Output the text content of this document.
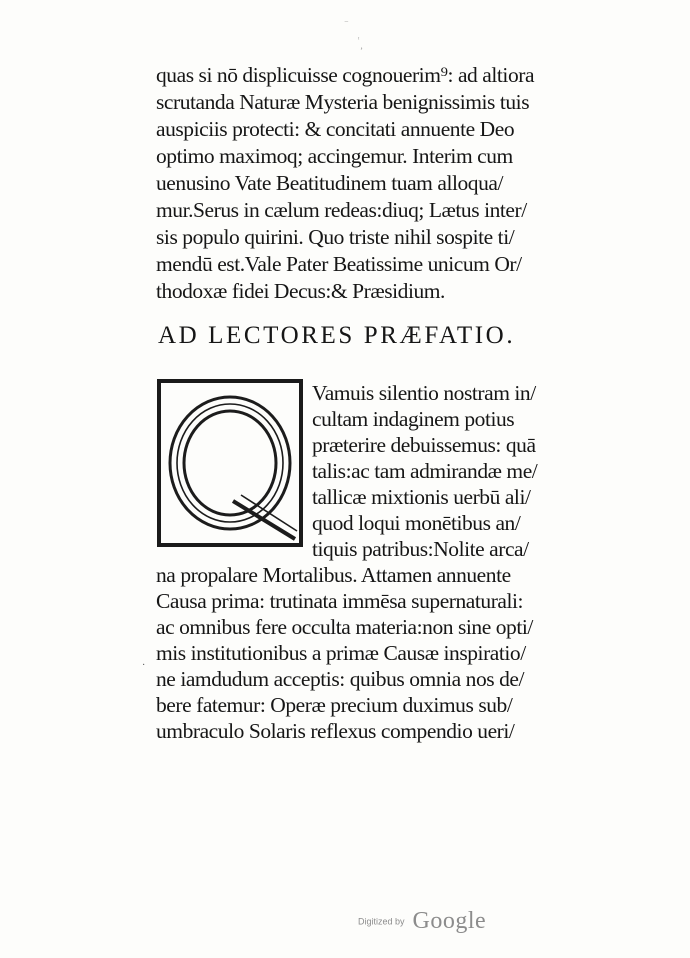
⁻
ᶦ
ʼ
quas si nō displicuisse cognouerim⁹: ad altiora
scrutanda Naturæ Mysteria benignissimis tuis
auspiciis protecti: & concitati annuente Deo
optimo maximoq; accingemur. Interim cum
uenusino Vate Beatitudinem tuam alloqua/
mur.Serus in cælum redeas:diuq; Lætus inter/
sis populo quirini. Quo triste nihil sospite ti/
mendū est.Vale Pater Beatissime unicum Or/
thodoxæ fidei Decus:& Præsidium.
AD LECTORES PRÆFATIO.
Vamuis silentio nostram in/
cultam indaginem potius
præterire debuissemus: quā
talis:ac tam admirandæ me/
tallicæ mixtionis uerbū ali/
quod loqui monētibus an/
tiquis patribus:Nolite arca/
·
na propalare Mortalibus. Attamen annuente
Causa prima: trutinata immēsa supernaturali:
ac omnibus fere occulta materia:non sine opti/
mis institutionibus a primæ Causæ inspiratio/
ne iamdudum acceptis: quibus omnia nos de/
bere fatemur: Operæ precium duximus sub/
umbraculo Solaris reflexus compendio ueri/
Digitized by Google
